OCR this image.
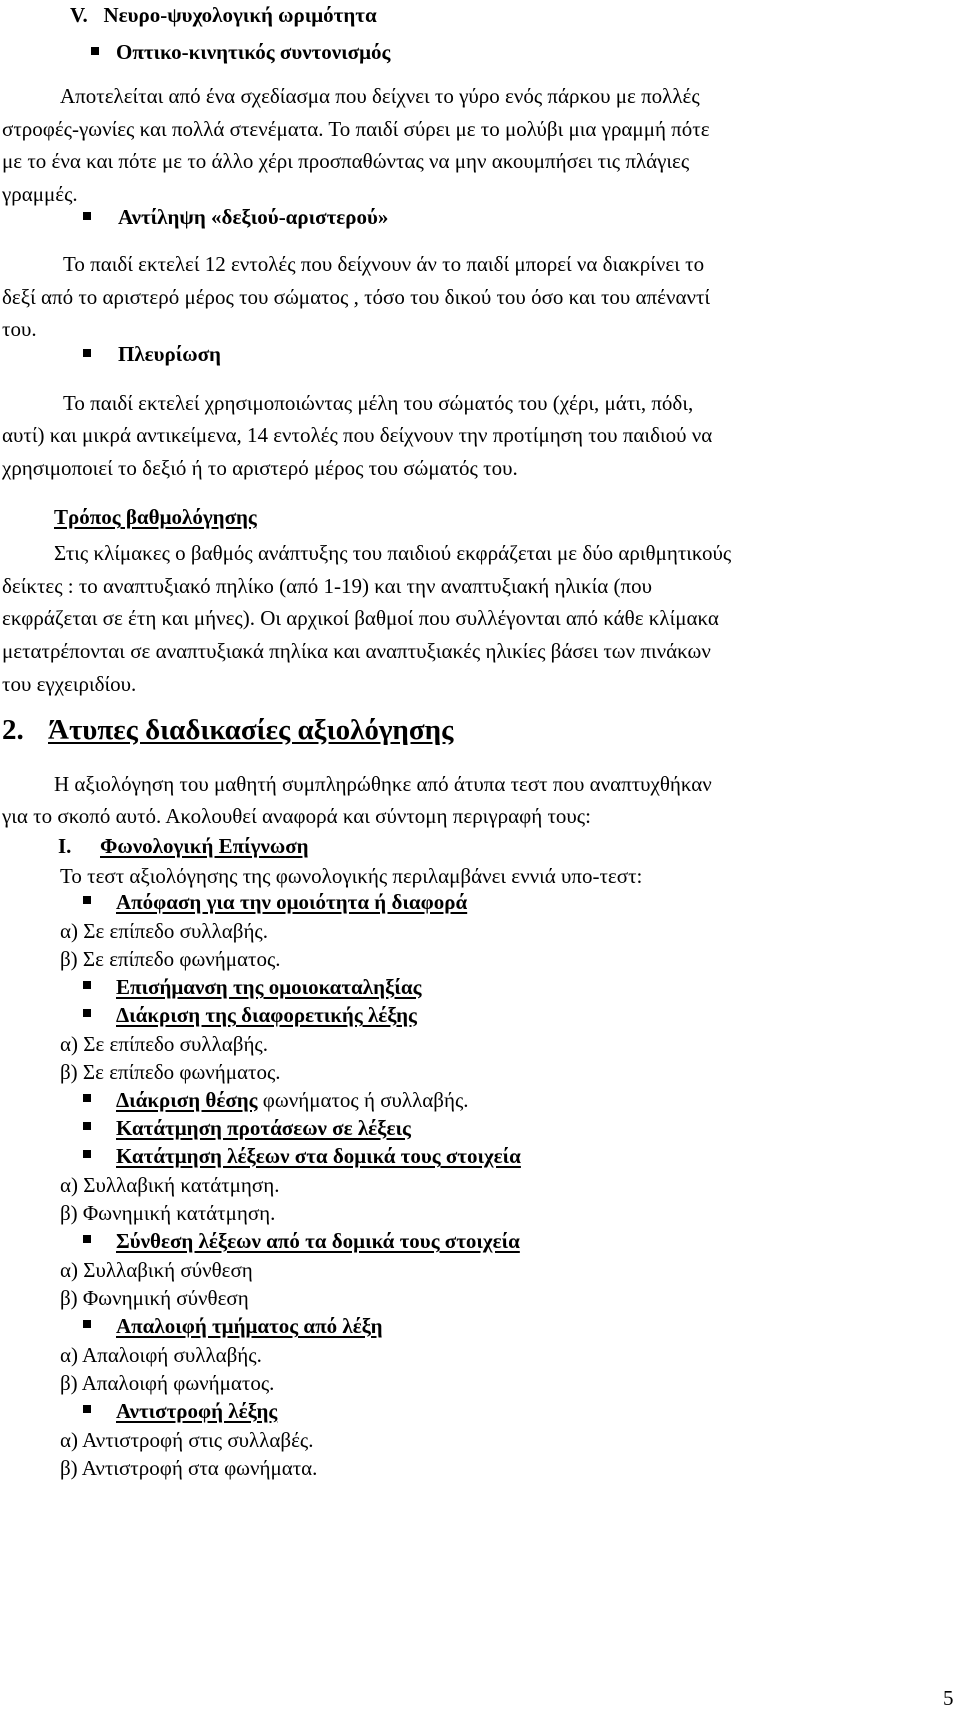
V.   Νευρο-ψυχολογική ωριμότητα
Οπτικο-κινητικός συντονισμός
Αποτελείται από ένα σχεδίασμα που δείχνει το γύρο ενός πάρκου με πολλές
στροφές-γωνίες και πολλά στενέματα. Το παιδί σύρει με το μολύβι μια γραμμή πότε
με το ένα και πότε με το άλλο χέρι προσπαθώντας να μην ακουμπήσει τις πλάγιες
γραμμές.
Αντίληψη «δεξιού-αριστερού»
Το παιδί εκτελεί 12 εντολές που δείχνουν άν το παιδί μπορεί να διακρίνει το
δεξί από το αριστερό μέρος του σώματος , τόσο του δικού του όσο και του απέναντί
του.
Πλευρίωση
Το παιδί εκτελεί χρησιμοποιώντας μέλη του σώματός του (χέρι, μάτι, πόδι,
αυτί) και μικρά αντικείμενα, 14 εντολές που δείχνουν την προτίμηση του παιδιού να
χρησιμοποιεί το δεξιό ή το αριστερό μέρος του σώματός του.
Τρόπος βαθμολόγησης
Στις κλίμακες ο βαθμός ανάπτυξης του παιδιού εκφράζεται με δύο αριθμητικούς
δείκτες : το αναπτυξιακό πηλίκο (από 1-19) και την αναπτυξιακή ηλικία (που
εκφράζεται σε έτη και μήνες). Οι αρχικοί βαθμοί που συλλέγονται από κάθε κλίμακα
μετατρέπονται σε αναπτυξιακά πηλίκα και αναπτυξιακές ηλικίες βάσει των πινάκων
του εγχειριδίου.
2. Άτυπες διαδικασίες αξιολόγησης
Η αξιολόγηση του μαθητή συμπληρώθηκε από άτυπα τεστ που αναπτυχθήκαν
για το σκοπό αυτό. Ακολουθεί αναφορά και σύντομη περιγραφή τους:
I. Φωνολογική Επίγνωση
Το τεστ αξιολόγησης της φωνολογικής περιλαμβάνει εννιά υπο-τεστ:
Απόφαση για την ομοιότητα ή διαφορά
α) Σε επίπεδο συλλαβής.
β) Σε επίπεδο φωνήματος.
Επισήμανση της ομοιοκαταληξίας
Διάκριση της διαφορετικής λέξης
α) Σε επίπεδο συλλαβής.
β) Σε επίπεδο φωνήματος.
Διάκριση θέσης φωνήματος ή συλλαβής.
Κατάτμηση προτάσεων σε λέξεις
Κατάτμηση λέξεων στα δομικά τους στοιχεία
α) Συλλαβική κατάτμηση.
β) Φωνημική κατάτμηση.
Σύνθεση λέξεων από τα δομικά τους στοιχεία
α) Συλλαβική σύνθεση
β) Φωνημική σύνθεση
Απαλοιφή τμήματος από λέξη
α) Απαλοιφή συλλαβής.
β) Απαλοιφή φωνήματος.
Αντιστροφή λέξης
α) Αντιστροφή στις συλλαβές.
β) Αντιστροφή στα φωνήματα.
5
